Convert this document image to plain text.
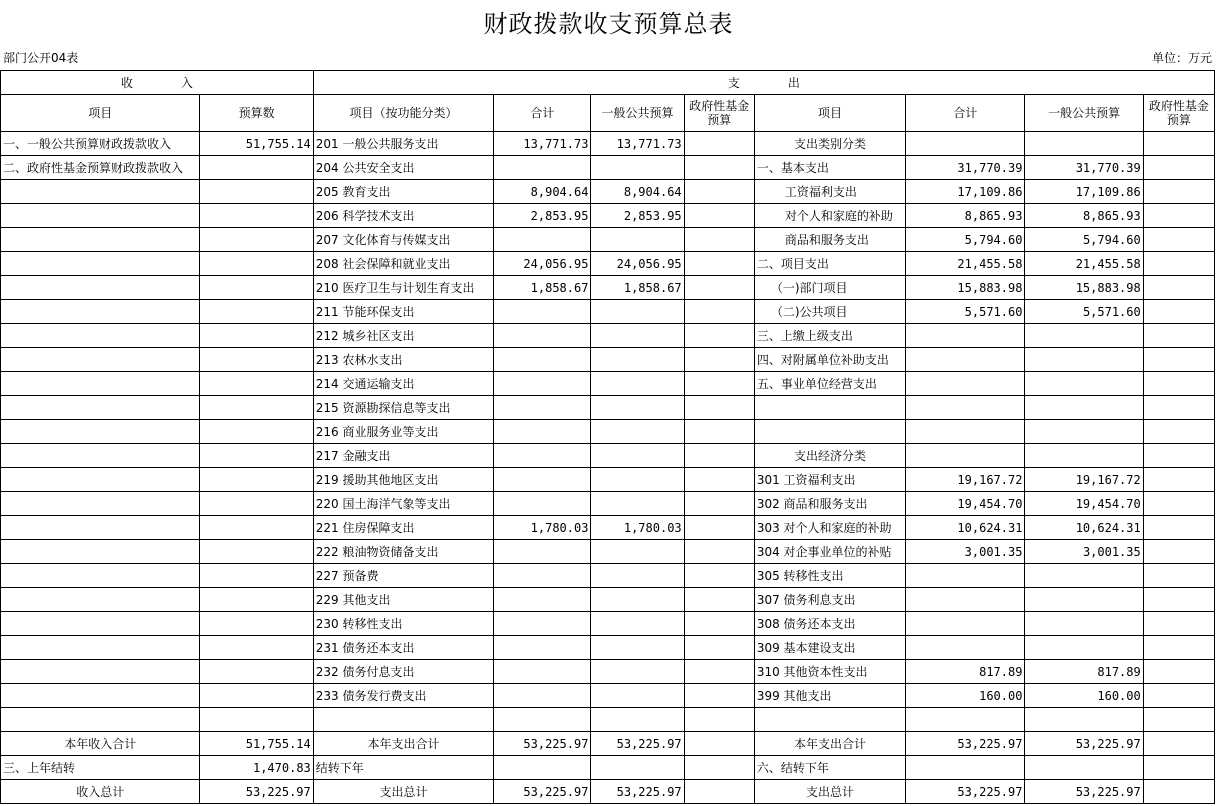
财政拨款收支预算总表
部门公开04表	单位：万元
收　　　　入		支　　　　出							
项目	预算数	项目（按功能分类）	合计	一般公共预算	政府性基金预算	项目	合计	一般公共预算	政府性基金预算
一、一般公共预算财政拨款收入	51,755.14	201 一般公共服务支出	13,771.73	13,771.73		支出类别分类			
二、政府性基金预算财政拨款收入		204 公共安全支出				一、基本支出	31,770.39	31,770.39	
		205 教育支出	8,904.64	8,904.64		工资福利支出	17,109.86	17,109.86	
		206 科学技术支出	2,853.95	2,853.95		对个人和家庭的补助	8,865.93	8,865.93	
		207 文化体育与传媒支出				商品和服务支出	5,794.60	5,794.60	
		208 社会保障和就业支出	24,056.95	24,056.95		二、项目支出	21,455.58	21,455.58	
		210 医疗卫生与计划生育支出	1,858.67	1,858.67		（一)部门项目	15,883.98	15,883.98	
		211 节能环保支出				（二)公共项目	5,571.60	5,571.60	
		212 城乡社区支出				三、上缴上级支出			
		213 农林水支出				四、对附属单位补助支出			
		214 交通运输支出				五、事业单位经营支出			
		215 资源勘探信息等支出							
		216 商业服务业等支出							
		217 金融支出				支出经济分类			
		219 援助其他地区支出				301 工资福利支出	19,167.72	19,167.72	
		220 国土海洋气象等支出				302 商品和服务支出	19,454.70	19,454.70	
		221 住房保障支出	1,780.03	1,780.03		303 对个人和家庭的补助	10,624.31	10,624.31	
		222 粮油物资储备支出				304 对企事业单位的补贴	3,001.35	3,001.35	
		227 预备费				305 转移性支出			
		229 其他支出				307 债务利息支出			
		230 转移性支出				308 债务还本支出			
		231 债务还本支出				309 基本建设支出			
		232 债务付息支出				310 其他资本性支出	817.89	817.89	
		233 债务发行费支出				399 其他支出	160.00	160.00	

本年收入合计	51,755.14	本年支出合计	53,225.97	53,225.97		本年支出合计	53,225.97	53,225.97	
三、上年结转	1,470.83	结转下年				六、结转下年			
收入总计	53,225.97	支出总计	53,225.97	53,225.97		支出总计	53,225.97	53,225.97	
